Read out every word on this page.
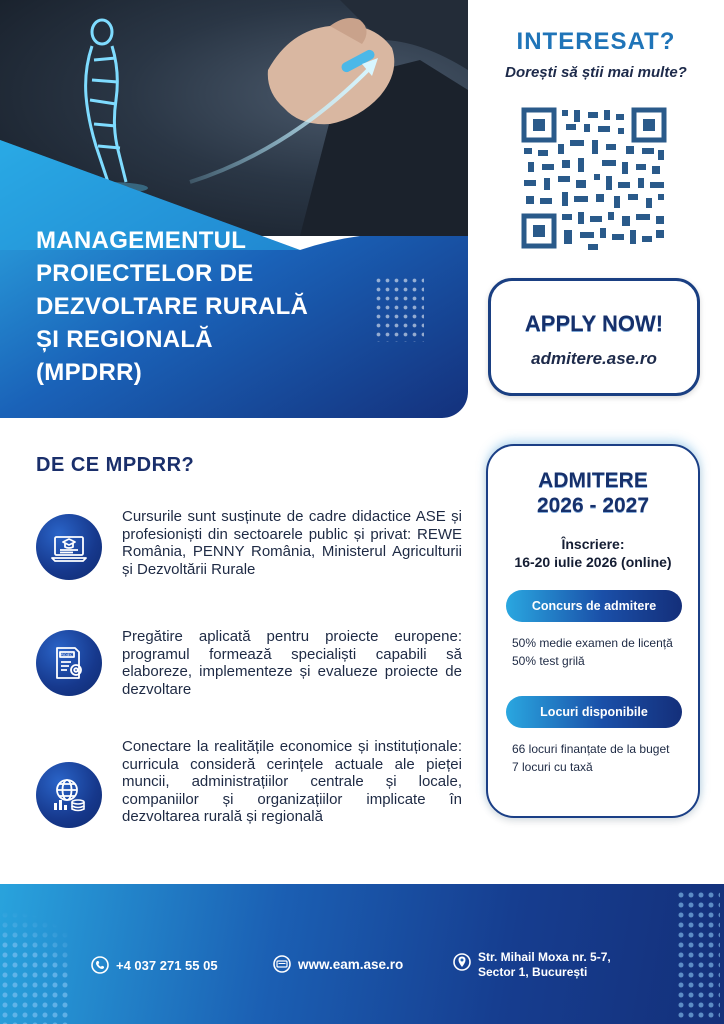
MANAGEMENTUL
PROIECTELOR DE
DEZVOLTARE RURALĂ
ȘI REGIONALĂ
(MPDRR)
INTERESAT?
Dorești să știi mai multe?
APPLY NOW!
admitere.ase.ro
DE CE MPDRR?
Cursurile sunt susținute de cadre didactice ASE și profesioniști din sectoarele public și privat: REWE România, PENNY România, Ministerul Agriculturii și Dezvoltării Rurale
PROJECT
Pregătire aplicată pentru proiecte europene: programul formează specialiști capabili să elaboreze, implementeze și evalueze proiecte de dezvoltare
Conectare la realitățile economice și instituționale: curricula consideră cerințele actuale ale pieței muncii, administrațiilor centrale și locale, companiilor și organizațiilor implicate în dezvoltarea rurală și regională
ADMITERE
2026 - 2027
Înscriere:
16-20 iulie 2026 (online)
Concurs de admitere
50% medie examen de licență
50% test grilă
Locuri disponibile
66 locuri finanțate de la buget
7 locuri cu taxă
+4 037 271 55 05	www.eam.ase.ro	Str. Mihail Moxa nr. 5-7,
Sector 1, București
